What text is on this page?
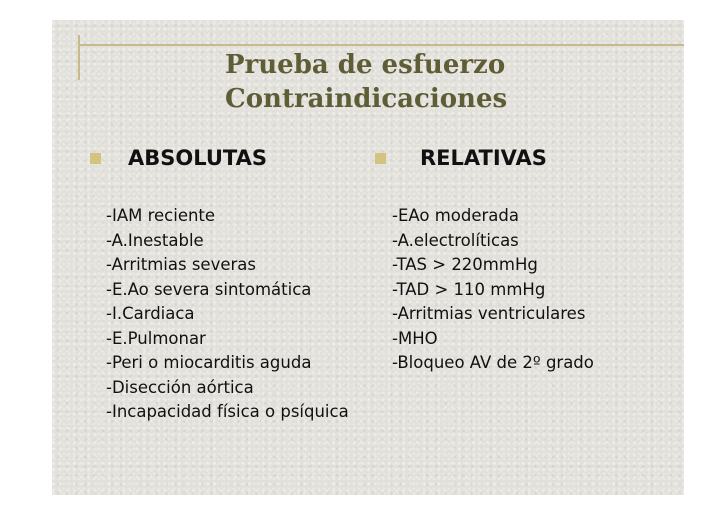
Prueba de esfuerzo
Contraindicaciones
ABSOLUTAS	RELATIVAS
-IAM reciente
-A.Inestable
-Arritmias severas
-E.Ao severa sintomática
-I.Cardiaca
-E.Pulmonar
-Peri o miocarditis aguda
-Disección aórtica
-Incapacidad física o psíquica
-EAo moderada
-A.electrolíticas
-TAS > 220mmHg
-TAD > 110 mmHg
-Arritmias ventriculares
-MHO
-Bloqueo AV de 2º grado
